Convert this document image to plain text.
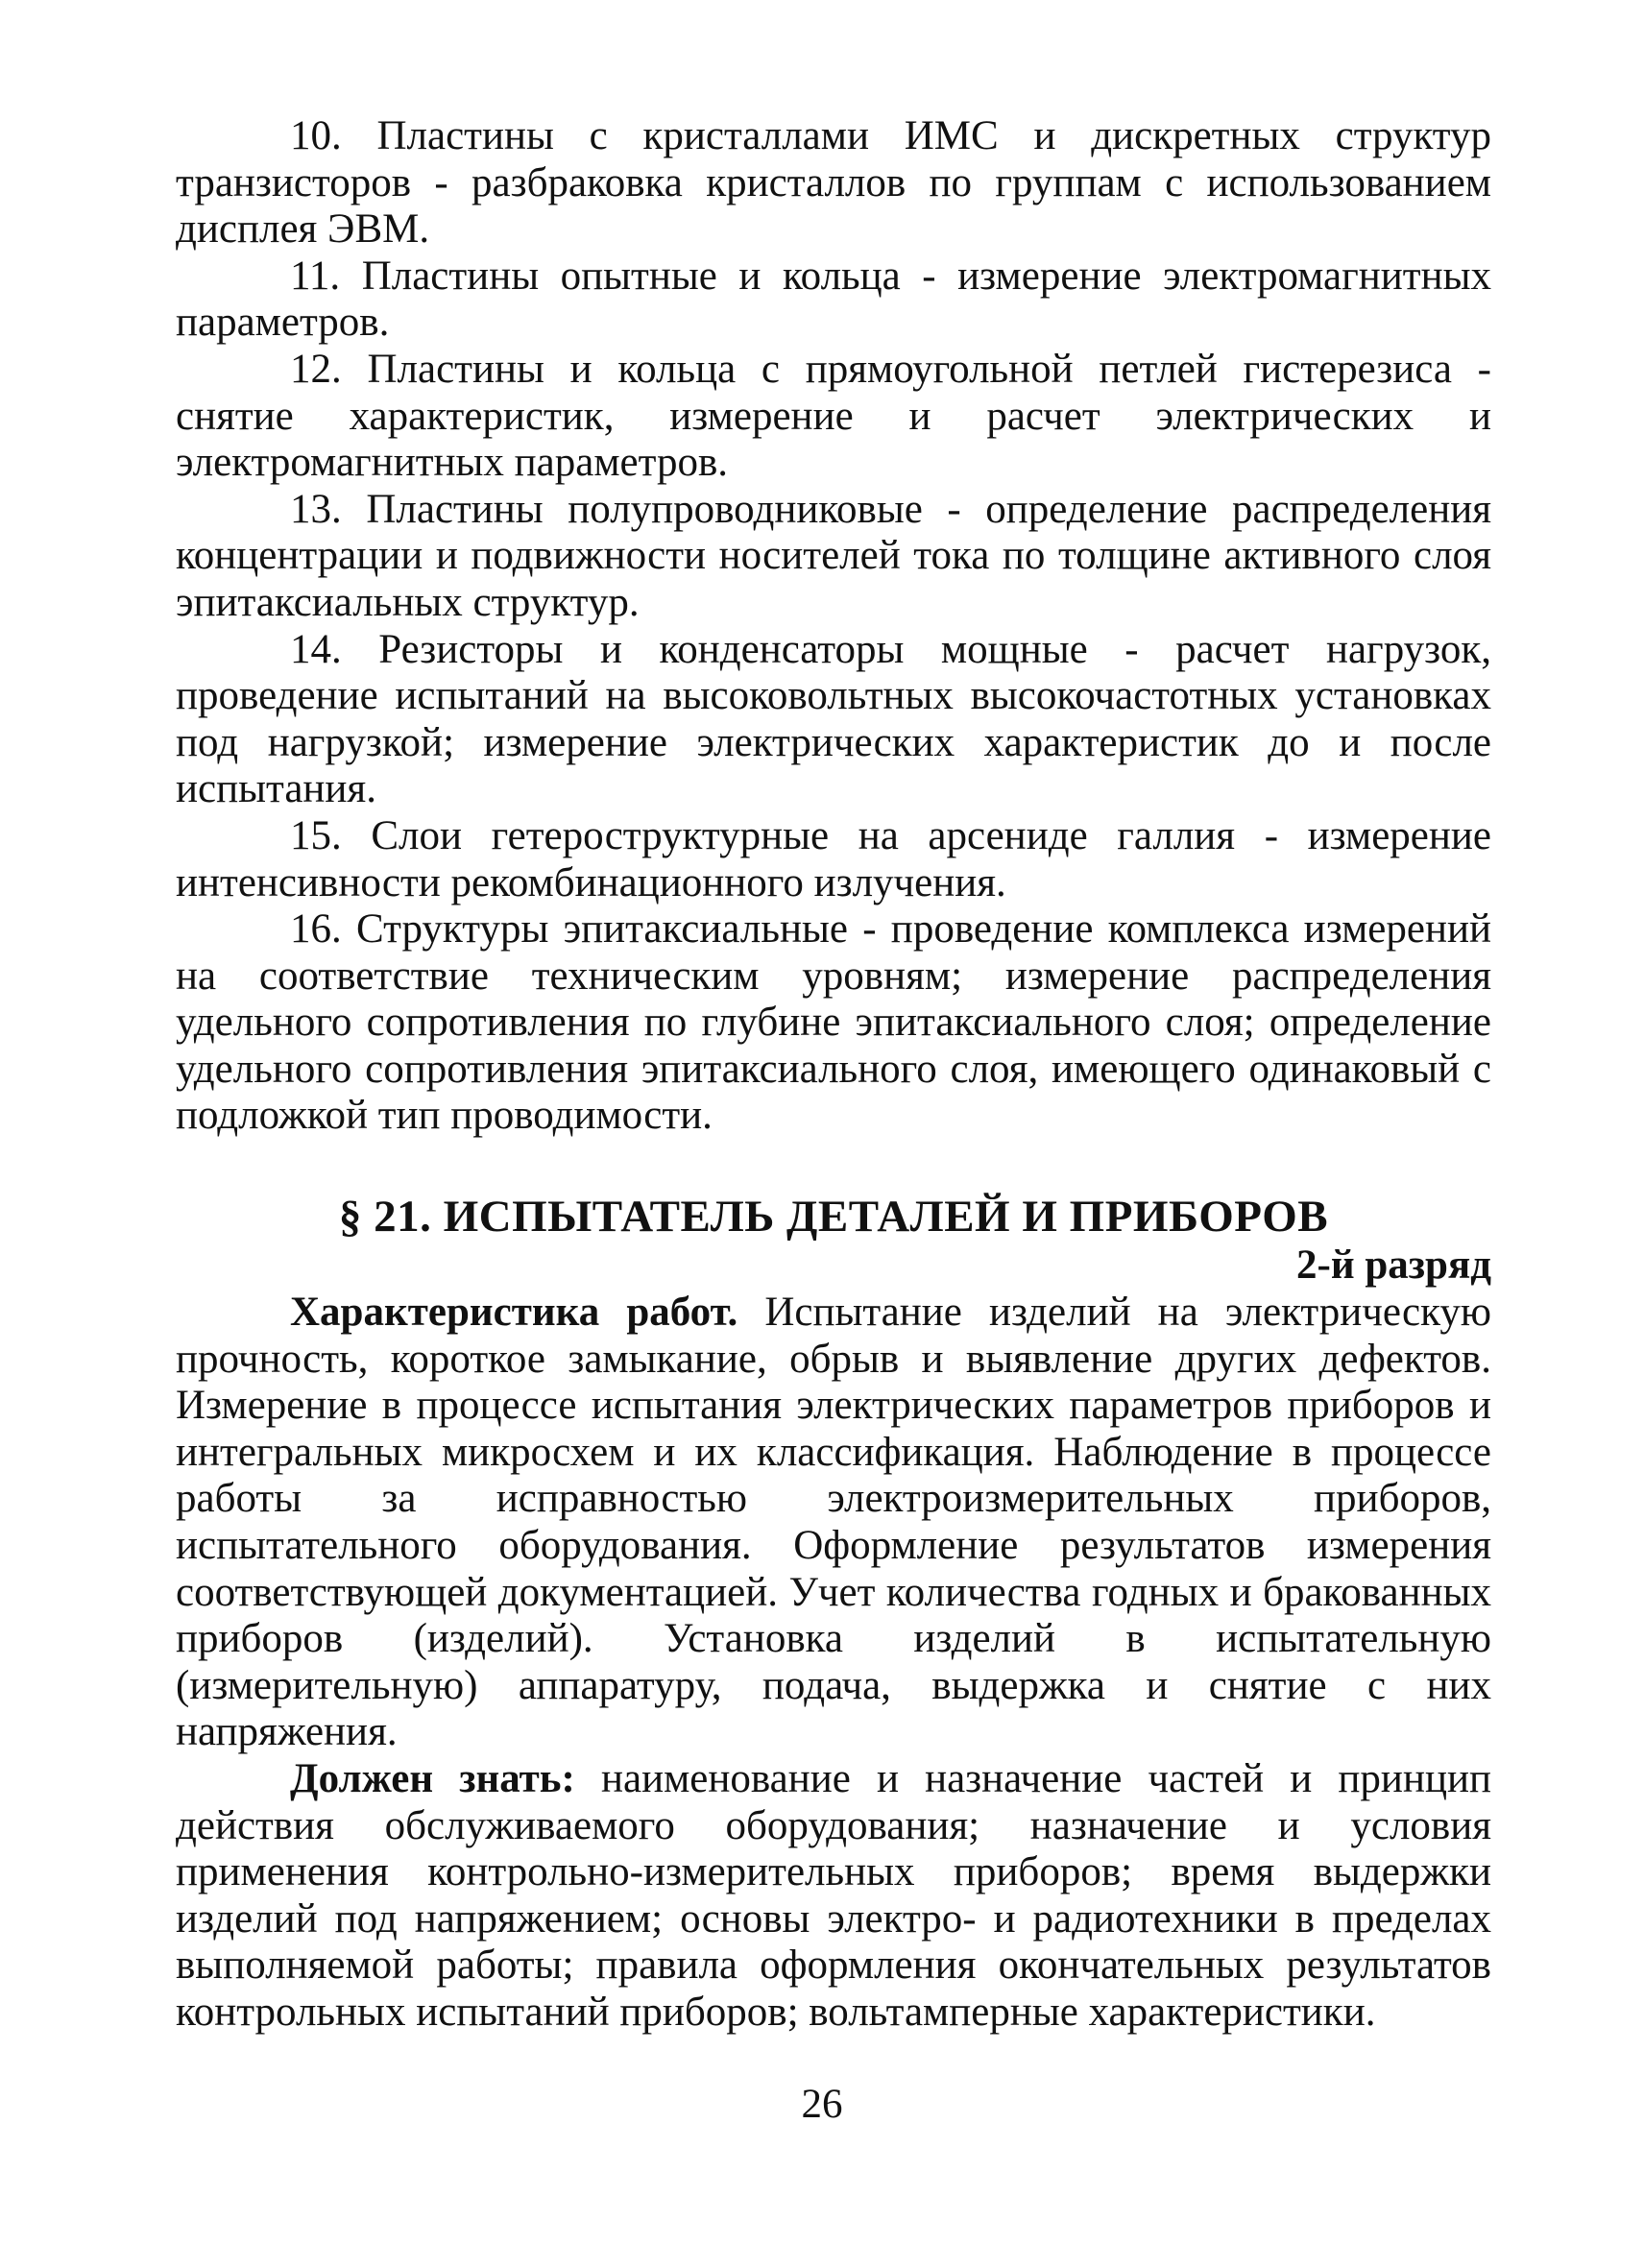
10. Пластины с кристаллами ИМС и дискретных структур транзисторов - разбраковка кристаллов по группам с использованием дисплея ЭВМ.

11. Пластины опытные и кольца - измерение электромагнитных параметров.

12. Пластины и кольца с прямоугольной петлей гистерезиса - снятие характеристик, измерение и расчет электрических и электромагнитных параметров.

13. Пластины полупроводниковые - определение распределения концентрации и подвижности носителей тока по толщине активного слоя эпитаксиальных структур.

14. Резисторы и конденсаторы мощные - расчет нагрузок, проведение испытаний на высоковольтных высокочастотных установках под нагрузкой; измерение электрических характеристик до и после испытания.

15. Слои гетероструктурные на арсениде галлия - измерение интенсивности рекомбинационного излучения.

16. Структуры эпитаксиальные - проведение комплекса измерений на соответствие техническим уровням; измерение распределения удельного сопротивления по глубине эпитаксиального слоя; определение удельного сопротивления эпитаксиального слоя, имеющего одинаковый с подложкой тип проводимости.

§ 21. ИСПЫТАТЕЛЬ ДЕТАЛЕЙ И ПРИБОРОВ

2-й разряд

Характеристика работ. Испытание изделий на электрическую прочность, короткое замыкание, обрыв и выявление других дефектов. Измерение в процессе испытания электрических параметров приборов и интегральных микросхем и их классификация. Наблюдение в процессе работы за исправностью электроизмерительных приборов, испытательного оборудования. Оформление результатов измерения соответствующей документацией. Учет количества годных и бракованных приборов (изделий). Установка изделий в испытательную (измерительную) аппаратуру, подача, выдержка и снятие с них напряжения.

Должен знать: наименование и назначение частей и принцип действия обслуживаемого оборудования; назначение и условия применения контрольно-измерительных приборов; время выдержки изделий под напряжением; основы электро- и радиотехники в пределах выполняемой работы; правила оформления окончательных результатов контрольных испытаний приборов; вольтамперные характеристики.

26
